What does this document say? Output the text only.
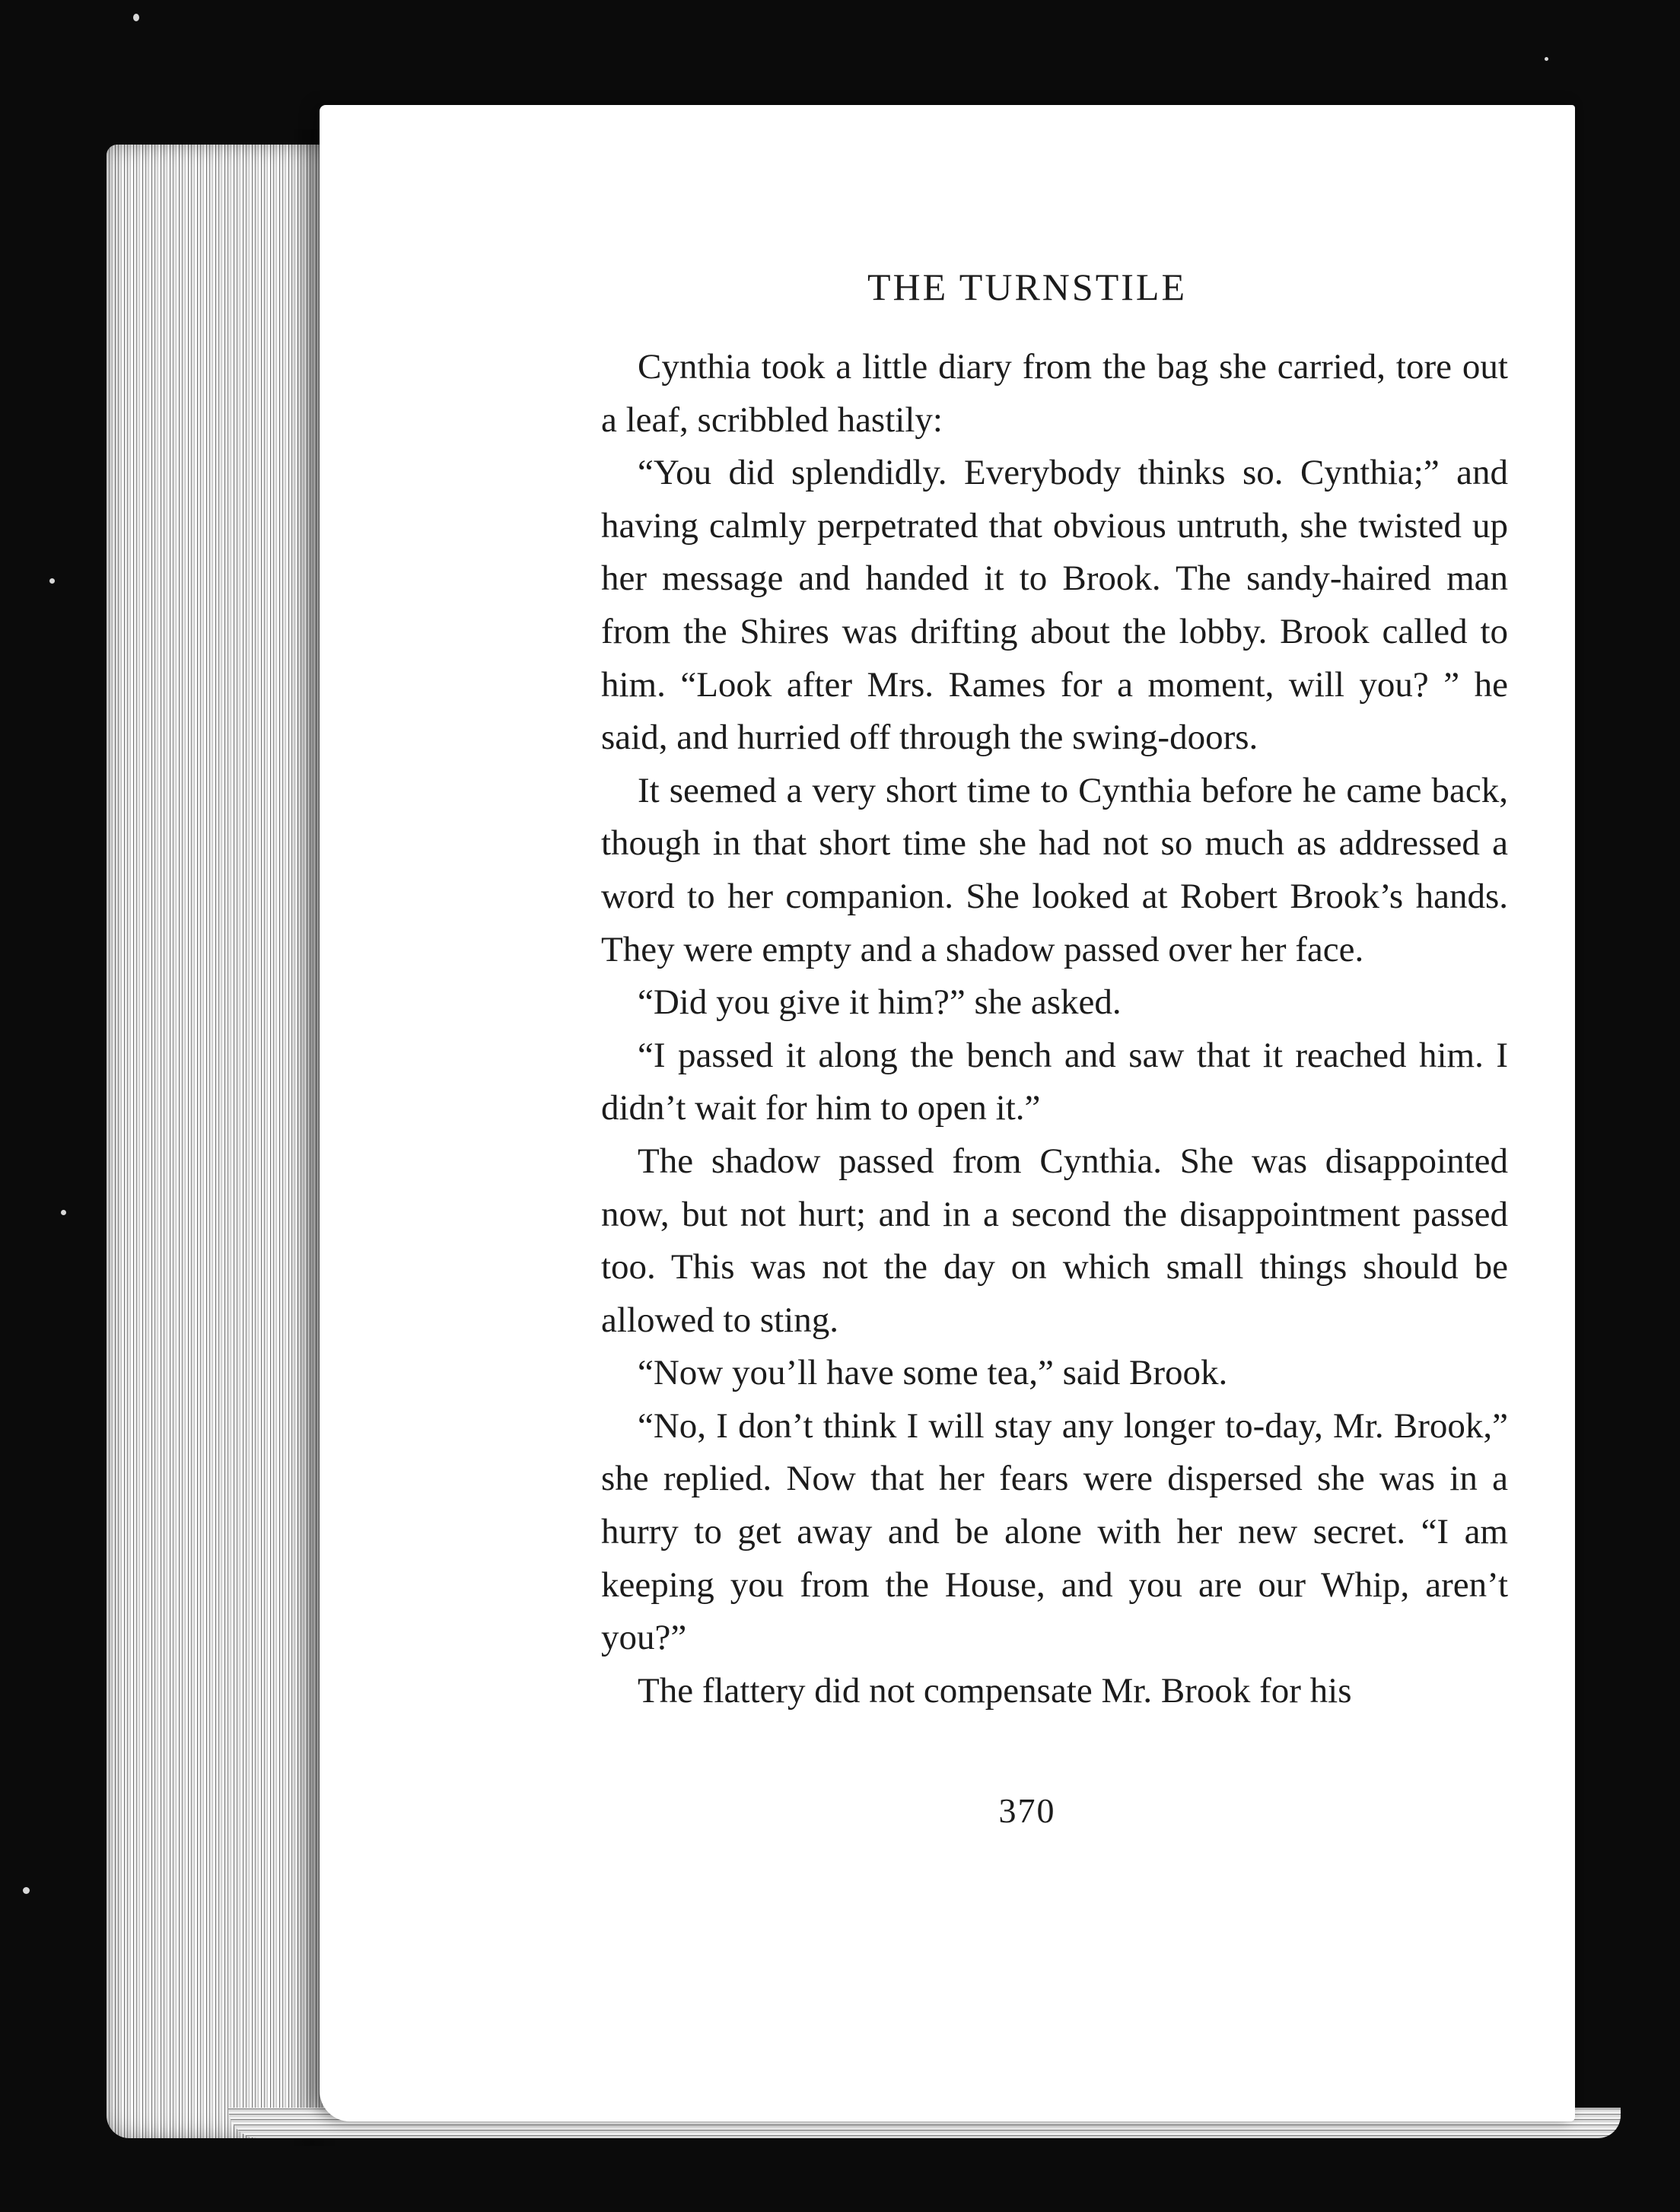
THE TURNSTILE

Cynthia took a little diary from the bag she carried, tore out a leaf, scribbled hastily:

“You did splendidly. Everybody thinks so. Cynthia;” and having calmly perpetrated that obvious untruth, she twisted up her message and handed it to Brook. The sandy-haired man from the Shires was drifting about the lobby. Brook called to him. “Look after Mrs. Rames for a moment, will you? ” he said, and hurried off through the swing-doors.

It seemed a very short time to Cynthia before he came back, though in that short time she had not so much as addressed a word to her companion. She looked at Robert Brook’s hands. They were empty and a shadow passed over her face.

“Did you give it him?” she asked.

“I passed it along the bench and saw that it reached him. I didn’t wait for him to open it.”

The shadow passed from Cynthia. She was disappointed now, but not hurt; and in a second the disappointment passed too. This was not the day on which small things should be allowed to sting.

“Now you’ll have some tea,” said Brook.

“No, I don’t think I will stay any longer to-day, Mr. Brook,” she replied. Now that her fears were dispersed she was in a hurry to get away and be alone with her new secret. “I am keeping you from the House, and you are our Whip, aren’t you?”

The flattery did not compensate Mr. Brook for his

370
